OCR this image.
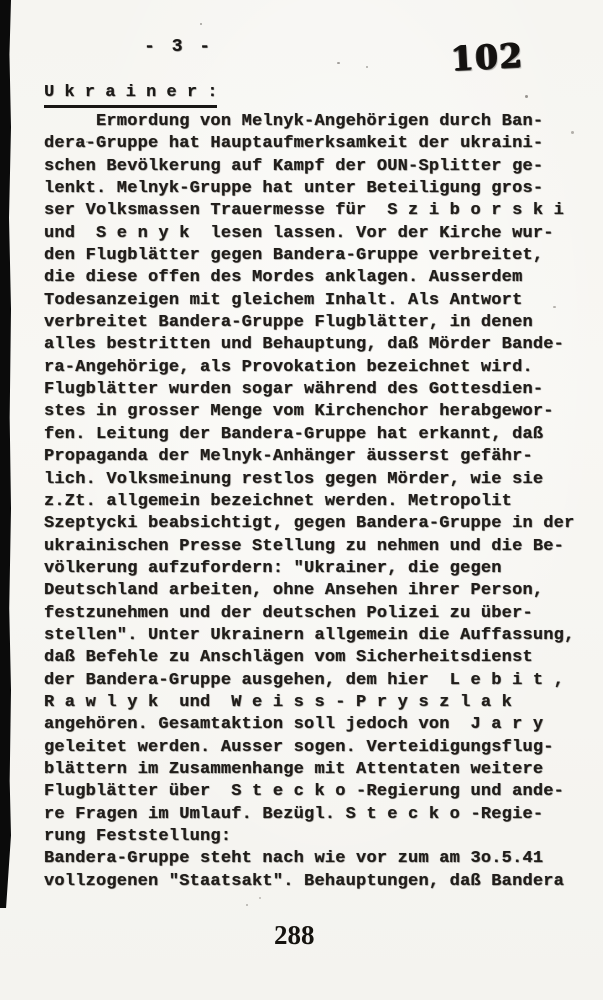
- 3 -	102
U k r a i n e r :
Ermordung von Melnyk-Angehörigen durch Ban-
dera-Gruppe hat Hauptaufmerksamkeit der ukraini-
schen Bevölkerung auf Kampf der OUN-Splitter ge-
lenkt. Melnyk-Gruppe hat unter Beteiligung gros-
ser Volksmassen Trauermesse für  S z i b o r s k i
und  S e n y k  lesen lassen. Vor der Kirche wur-
den Flugblätter gegen Bandera-Gruppe verbreitet,
die diese offen des Mordes anklagen. Ausserdem
Todesanzeigen mit gleichem Inhalt. Als Antwort
verbreitet Bandera-Gruppe Flugblätter, in denen
alles bestritten und Behauptung, daß Mörder Bande-
ra-Angehörige, als Provokation bezeichnet wird.
Flugblätter wurden sogar während des Gottesdien-
stes in grosser Menge vom Kirchenchor herabgewor-
fen. Leitung der Bandera-Gruppe hat erkannt, daß
Propaganda der Melnyk-Anhänger äusserst gefähr-
lich. Volksmeinung restlos gegen Mörder, wie sie
z.Zt. allgemein bezeichnet werden. Metropolit
Szeptycki beabsichtigt, gegen Bandera-Gruppe in der
ukrainischen Presse Stellung zu nehmen und die Be-
völkerung aufzufordern: "Ukrainer, die gegen
Deutschland arbeiten, ohne Ansehen ihrer Person,
festzunehmen und der deutschen Polizei zu über-
stellen". Unter Ukrainern allgemein die Auffassung,
daß Befehle zu Anschlägen vom Sicherheitsdienst
der Bandera-Gruppe ausgehen, dem hier  L e b i t ,
R a w l y k  und  W e i s s - P r y s z l a k
angehören. Gesamtaktion soll jedoch von  J a r y
geleitet werden. Ausser sogen. Verteidigungsflug-
blättern im Zusammenhange mit Attentaten weitere
Flugblätter über  S t e c k o -Regierung und ande-
re Fragen im Umlauf. Bezügl. S t e c k o -Regie-
rung Feststellung:
Bandera-Gruppe steht nach wie vor zum am 3o.5.41
vollzogenen "Staatsakt". Behauptungen, daß Bandera
288
